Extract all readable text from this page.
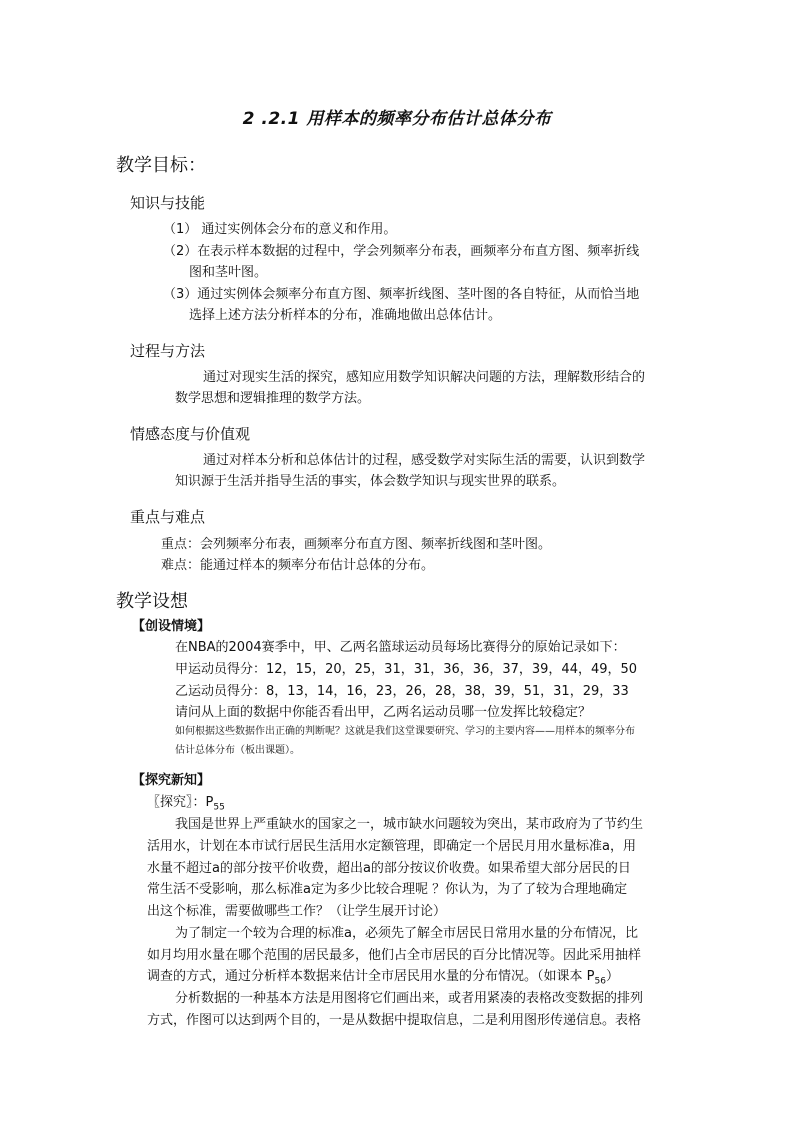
2 .2.1 用样本的频率分布估计总体分布
教学目标：
知识与技能
（1） 通过实例体会分布的意义和作用。
（2）在表示样本数据的过程中，学会列频率分布表，画频率分布直方图、频率折线
图和茎叶图。
（3）通过实例体会频率分布直方图、频率折线图、茎叶图的各自特征，从而恰当地
选择上述方法分析样本的分布，准确地做出总体估计。
过程与方法
通过对现实生活的探究，感知应用数学知识解决问题的方法，理解数形结合的
数学思想和逻辑推理的数学方法。
情感态度与价值观
通过对样本分析和总体估计的过程，感受数学对实际生活的需要，认识到数学
知识源于生活并指导生活的事实，体会数学知识与现实世界的联系。
重点与难点
重点：会列频率分布表，画频率分布直方图、频率折线图和茎叶图。
难点：能通过样本的频率分布估计总体的分布。
教学设想
【创设情境】
在NBA的2004赛季中，甲、乙两名篮球运动员每场比赛得分的原始记录如下：
甲运动员得分：12，15，20，25，31，31，36，36，37，39，44，49，50
乙运动员得分：8，13，14，16，23，26，28，38，39，51，31，29，33
请问从上面的数据中你能否看出甲，乙两名运动员哪一位发挥比较稳定？
如何根据这些数据作出正确的判断呢？这就是我们这堂课要研究、学习的主要内容——用样本的频率分布
估计总体分布（板出课题）。
【探究新知】
〖探究〗：$P_{55}$
我国是世界上严重缺水的国家之一，城市缺水问题较为突出，某市政府为了节约生
活用水，计划在本市试行居民生活用水定额管理，即确定一个居民月用水量标准a，用
水量不超过a的部分按平价收费，超出a的部分按议价收费。如果希望大部分居民的日
常生活不受影响，那么标准a定为多少比较合理呢 ？你认为，为了了较为合理地确定
出这个标准，需要做哪些工作？（让学生展开讨论）
为了制定一个较为合理的标准a，必须先了解全市居民日常用水量的分布情况，比
如月均用水量在哪个范围的居民最多，他们占全市居民的百分比情况等。因此采用抽样
调查的方式，通过分析样本数据来估计全市居民用水量的分布情况。（如课本 $P_{56}$）
分析数据的一种基本方法是用图将它们画出来，或者用紧凑的表格改变数据的排列
方式，作图可以达到两个目的，一是从数据中提取信息，二是利用图形传递信息。表格
